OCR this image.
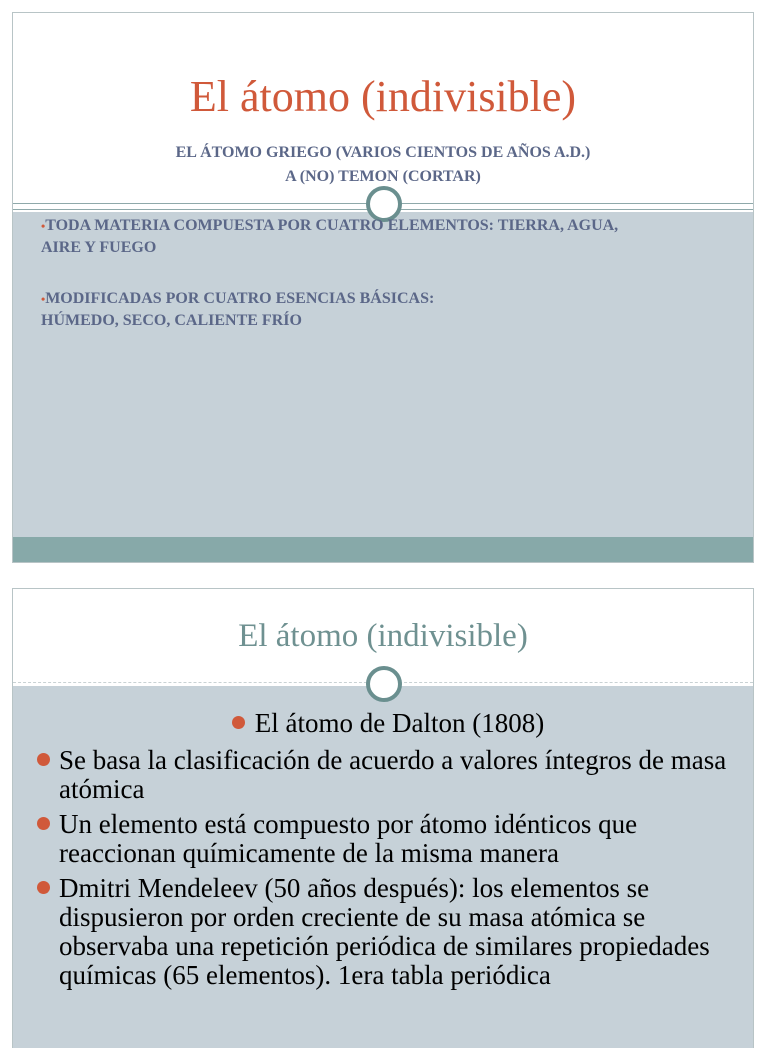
El átomo (indivisible)
EL ÁTOMO GRIEGO (VARIOS CIENTOS DE AÑOS A.D.)
A (NO) TEMON (CORTAR)
•TODA MATERIA COMPUESTA POR CUATRO ELEMENTOS: TIERRA, AGUA,
AIRE Y FUEGO
•MODIFICADAS POR CUATRO ESENCIAS BÁSICAS:
HÚMEDO, SECO, CALIENTE FRÍO
El átomo (indivisible)
El átomo de Dalton (1808)
Se basa la clasificación de acuerdo a valores íntegros de masa atómica
Un elemento está compuesto por átomo idénticos que reaccionan químicamente de la misma manera
Dmitri Mendeleev (50 años después): los elementos se dispusieron por orden creciente de su masa atómica se observaba una repetición periódica de similares propiedades químicas (65 elementos). 1era tabla periódica
